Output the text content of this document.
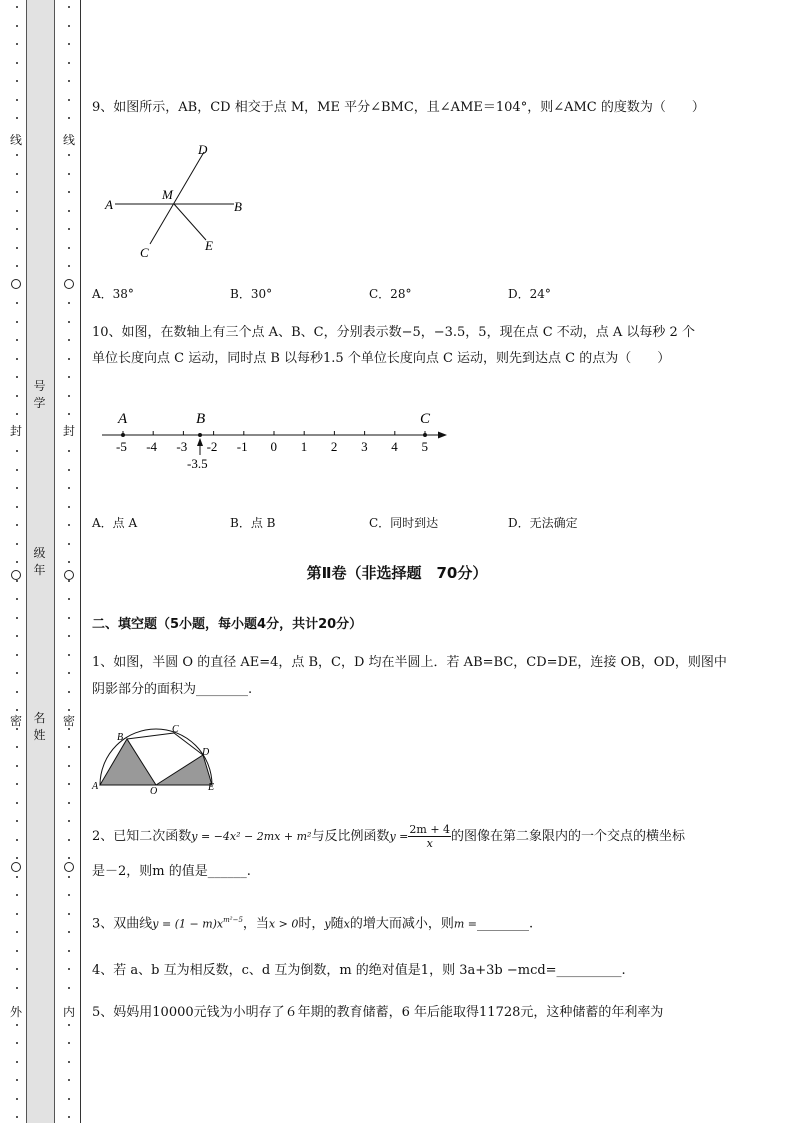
线
封
密
外
线
封
密
内
号
学
级
年
名
姓
9、如图所示，AB，CD 相交于点 M，ME 平分∠BMC，且∠AME＝104°，则∠AMC 的度数为（　　）
D
M
A	B
C	E
A．38°	B．30°	C．28°	D．24°
10、如图，在数轴上有三个点 A、B、C，分别表示数−5，−3.5，5，现在点 C 不动，点 A 以每秒 2 个
单位长度向点 C 运动，同时点 B 以每秒1.5 个单位长度向点 C 运动，则先到达点 C 的点为（　　）
-5 -4 -3 -2 -1 0 1 2 3 4 5
A	B	C
-3.5
A．点 A	B．点 B	C．同时到达	D．无法确定
第Ⅱ卷（非选择题　70分）
二、填空题（5小题，每小题4分，共计20分）
1、如图，半圆 O 的直径 AE=4，点 B，C，D 均在半圆上．若 AB=BC，CD=DE，连接 OB，OD，则图中
阴影部分的面积为________.
A
B
C
D
E
O
2、已知二次函数y = −4x² − 2mx + m²与反比例函数$y = \frac{2m + 4}{x}$ 的图像在第二象限内的一个交点的横坐标
是－2，则m 的值是______.
3、双曲线$y = (1 - m)x^{m^2-5}$，当x > 0时，y随x的增大而减小，则m =________.
4、若 a、b 互为相反数，c、d 互为倒数，m 的绝对值是1，则 3a+3b −mcd=__________.
5、妈妈用10000元钱为小明存了６年期的教育储蓄，6 年后能取得11728元，这种储蓄的年利率为
